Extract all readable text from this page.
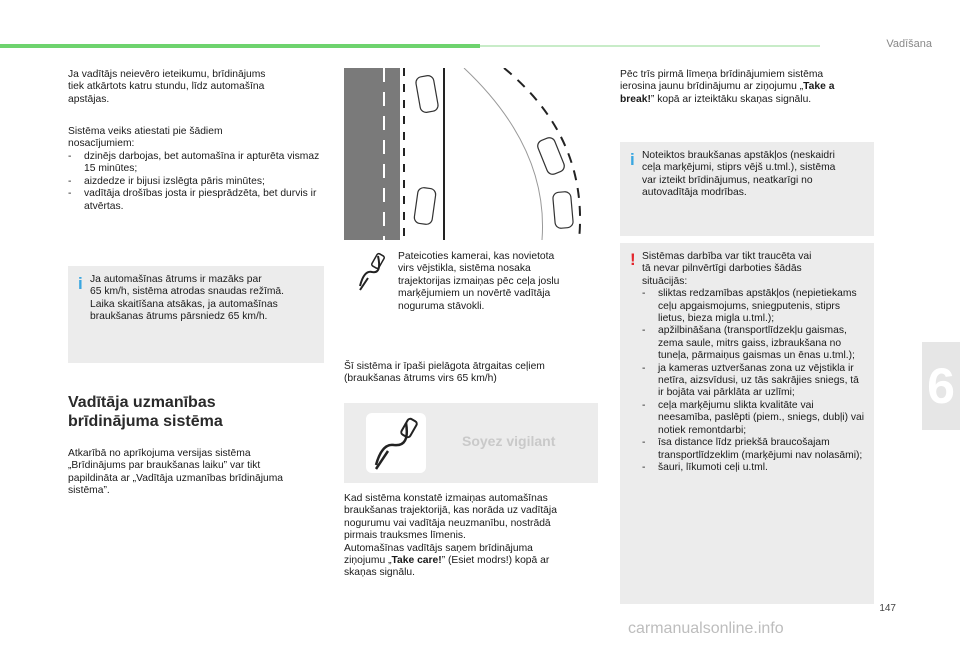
Vadīšana
Ja vadītājs neievēro ieteikumu, brīdinājums
tiek atkārtots katru stundu, līdz automašīna
apstājas.
Sistēma veiks atiestati pie šādiem
nosacījumiem:
- dzinējs darbojas, bet automašīna ir apturēta vismaz 15 minūtes;
- aizdedze ir bijusi izslēgta pāris minūtes;
- vadītāja drošības josta ir piesprādzēta, bet durvis ir atvērtas.
i Ja automašīnas ātrums ir mazāks par
65 km/h, sistēma atrodas snaudas režīmā.
Laika skaitīšana atsākas, ja automašīnas
braukšanas ātrums pārsniedz 65 km/h.
Vadītāja uzmanības
brīdinājuma sistēma
Atkarībā no aprīkojuma versijas sistēma
„Brīdinājums par braukšanas laiku” var tikt
papildināta ar „Vadītāja uzmanības brīdinājuma
sistēma”.
Pateicoties kamerai, kas novietota
virs vējstikla, sistēma nosaka
trajektorijas izmaiņas pēc ceļa joslu
marķējumiem un novērtē vadītāja
noguruma stāvokli.
Šī sistēma ir īpaši pielāgota ātrgaitas ceļiem
(braukšanas ātrums virs 65 km/h)
Soyez vigilant
Kad sistēma konstatē izmaiņas automašīnas
braukšanas trajektorijā, kas norāda uz vadītāja
nogurumu vai vadītāja neuzmanību, nostrādā
pirmais trauksmes līmenis.
Automašīnas vadītājs saņem brīdinājuma
ziņojumu „Take care!” (Esiet modrs!) kopā ar
skaņas signālu.
Pēc trīs pirmā līmeņa brīdinājumiem sistēma
ierosina jaunu brīdinājumu ar ziņojumu „Take a
break!” kopā ar izteiktāku skaņas signālu.
i Noteiktos braukšanas apstākļos (neskaidri
ceļa marķējumi, stiprs vējš u.tml.), sistēma
var izteikt brīdinājumus, neatkarīgi no
autovadītāja modrības.
! Sistēmas darbība var tikt traucēta vai
tā nevar pilnvērtīgi darboties šādās
situācijās:
- sliktas redzamības apstākļos (nepietiekams ceļu apgaismojums, sniegputenis, stiprs lietus, bieza migla u.tml.);
- apžilbināšana (transportlīdzekļu gaismas, zema saule, mitrs gaiss, izbraukšana no tuneļa, pārmaiņus gaismas un ēnas u.tml.);
- ja kameras uztveršanas zona uz vējstikla ir netīra, aizsvīdusi, uz tās sakrājies sniegs, tā ir bojāta vai pārklāta ar uzlīmi;
- ceļa marķējumu slikta kvalitāte vai neesamība, paslēpti (piem., sniegs, dubļi) vai notiek remontdarbi;
- īsa distance līdz priekšā braucošajam transportlīdzeklim (marķējumi nav nolasāmi);
- šauri, līkumoti ceļi u.tml.
6
147
carmanualsonline.info
